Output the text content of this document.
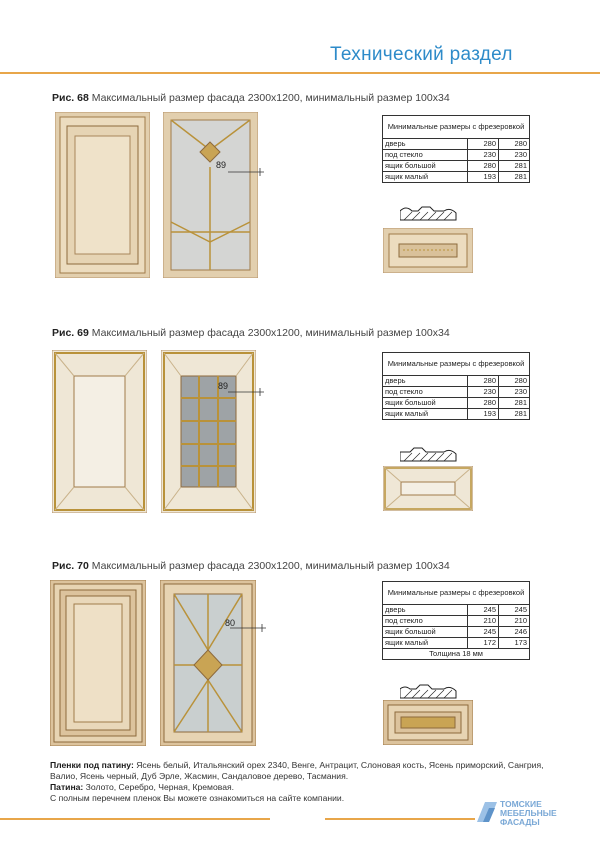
Технический раздел
Рис. 68 Максимальный размер фасада 2300х1200, минимальный размер 100х34
89
Минимальные размеры с фрезеровкой		
дверь	280	280
под стекло	230	230
ящик большой	280	281
ящик малый	193	281
Рис. 69 Максимальный размер фасада 2300х1200, минимальный размер 100х34
89
Минимальные размеры с фрезеровкой		
дверь	280	280
под стекло	230	230
ящик большой	280	281
ящик малый	193	281
Рис. 70 Максимальный размер фасада 2300х1200, минимальный размер 100х34
80
Минимальные размеры с фрезеровкой		
дверь	245	245
под стекло	210	210
ящик большой	245	246
ящик малый	172	173
Толщина 18 мм		
Пленки под патину: Ясень белый, Итальянский орех 2340, Венге, Антрацит, Слоновая кость, Ясень приморский, Сангрия, Валио, Ясень черный, Дуб Эрле, Жасмин, Сандаловое дерево, Тасмания.
Патина: Золото, Серебро, Черная, Кремовая.
С полным перечнем пленок Вы можете ознакомиться на сайте компании.
ТОМСКИЕ
МЕБЕЛЬНЫЕ
ФАСАДЫ
